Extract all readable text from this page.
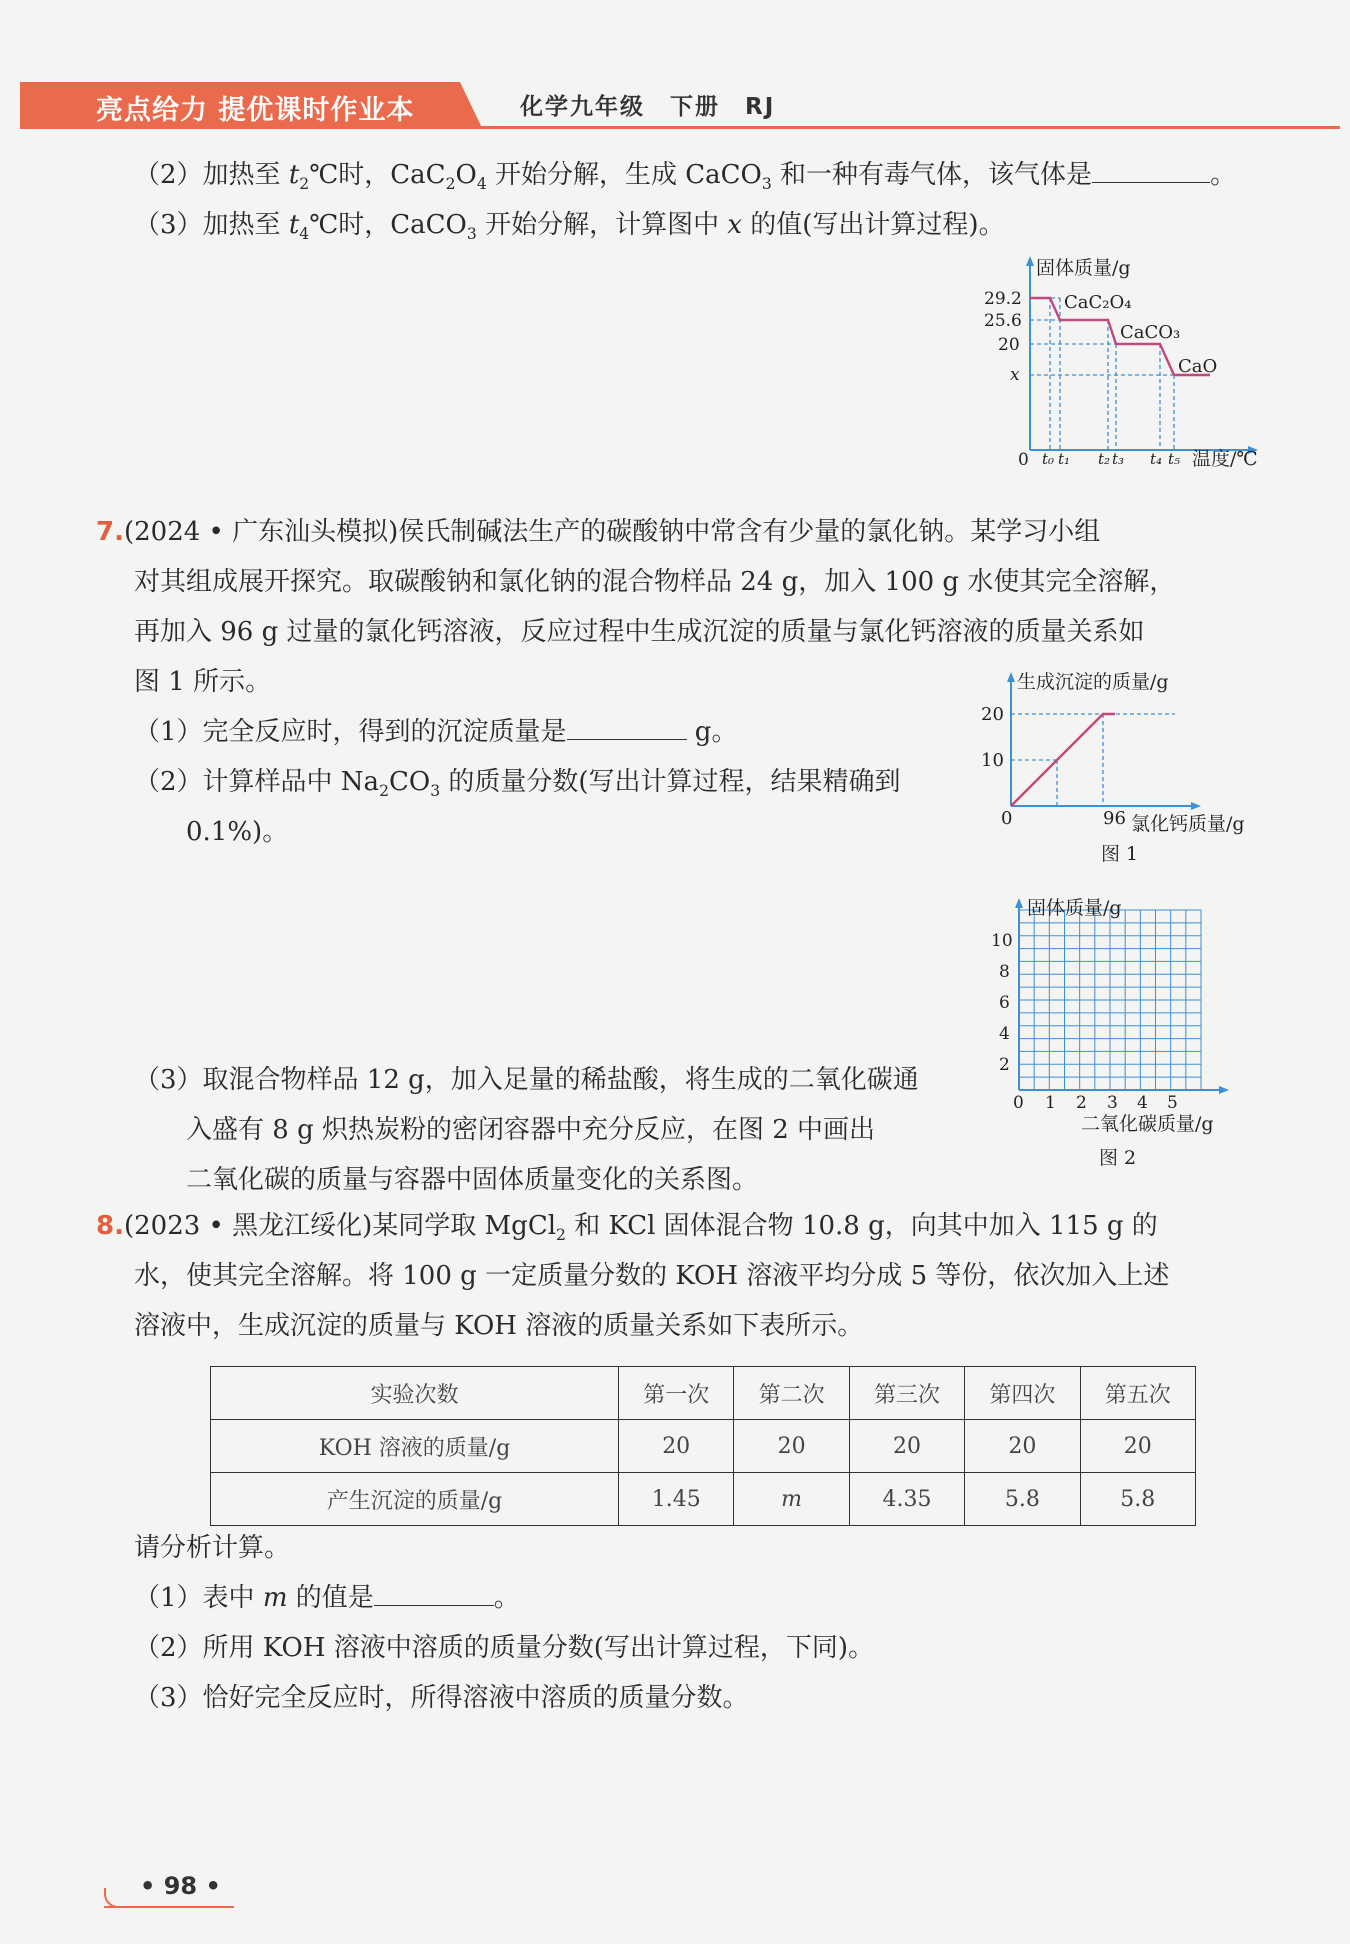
亮点给力 提优课时作业本	化学九年级　下册　RJ
（2）加热至 $t_2℃$时，$CaC_2O_4$ 开始分解，生成 CaCO$_3$ 和一种有毒气体，该气体是	。
（3）加热至 $t_4℃$时，CaCO$_3$ 开始分解，计算图中 x 的值(写出计算过程)。
固体质量/g
温度/℃
0
29.2
25.6
20
x
CaC₂O₄
CaCO₃
CaO
t₀ t₁ t₂ t₃ t₄ t₅
7.(2024 • 广东汕头模拟)侯氏制碱法生产的碳酸钠中常含有少量的氯化钠。某学习小组
对其组成展开探究。取碳酸钠和氯化钠的混合物样品 24 g，加入 100 g 水使其完全溶解，
再加入 96 g 过量的氯化钙溶液，反应过程中生成沉淀的质量与氯化钙溶液的质量关系如
图 1 所示。
（1）完全反应时，得到的沉淀质量是	g。
（2）计算样品中 $Na_2CO_3$ 的质量分数(写出计算过程，结果精确到
0.1%)。
（3）取混合物样品 12 g，加入足量的稀盐酸，将生成的二氧化碳通
入盛有 8 g 炽热炭粉的密闭容器中充分反应，在图 2 中画出
二氧化碳的质量与容器中固体质量变化的关系图。
生成沉淀的质量/g
20
10
0	96 氯化钙质量/g
图 1
固体质量/g
10
8
6
4
2
0 1 2 3 4 5
二氧化碳质量/g
图 2
8.(2023 • 黑龙江绥化)某同学取 MgCl$_2$ 和 KCl 固体混合物 10.8 g，向其中加入 115 g 的
水，使其完全溶解。将 100 g 一定质量分数的 KOH 溶液平均分成 5 等份，依次加入上述
溶液中，生成沉淀的质量与 KOH 溶液的质量关系如下表所示。
实验次数	第一次	第二次	第三次	第四次	第五次
KOH 溶液的质量/g	20	20	20	20	20
产生沉淀的质量/g	1.45	m	4.35	5.8	5.8
请分析计算。
（1）表中 m 的值是	。
（2）所用 KOH 溶液中溶质的质量分数(写出计算过程，下同)。
（3）恰好完全反应时，所得溶液中溶质的质量分数。
• 98 •
